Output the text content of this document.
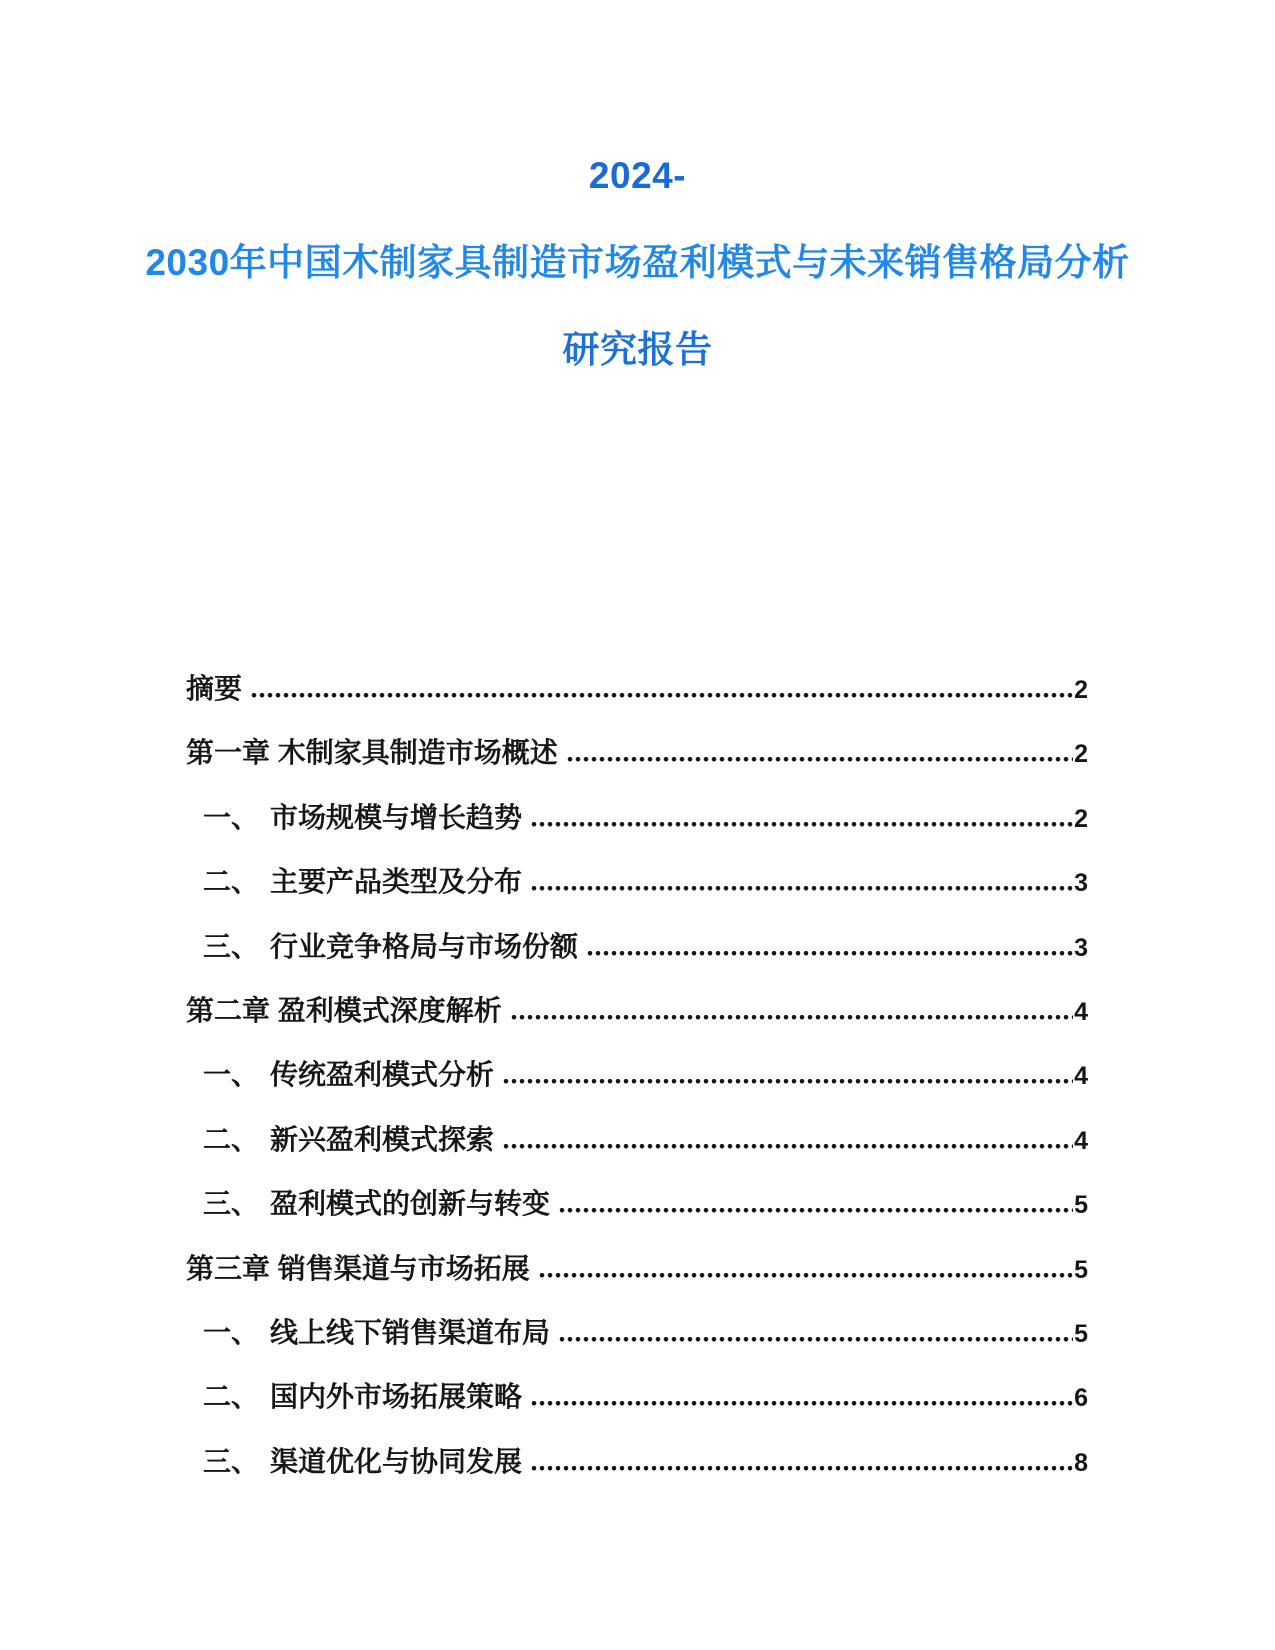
2024-
2030年中国木制家具制造市场盈利模式与未来销售格局分析
研究报告
摘要	2
第一章 木制家具制造市场概述	2
一、 市场规模与增长趋势	2
二、 主要产品类型及分布	3
三、 行业竞争格局与市场份额	3
第二章 盈利模式深度解析	4
一、 传统盈利模式分析	4
二、 新兴盈利模式探索	4
三、 盈利模式的创新与转变	5
第三章 销售渠道与市场拓展	5
一、 线上线下销售渠道布局	5
二、 国内外市场拓展策略	6
三、 渠道优化与协同发展	8
